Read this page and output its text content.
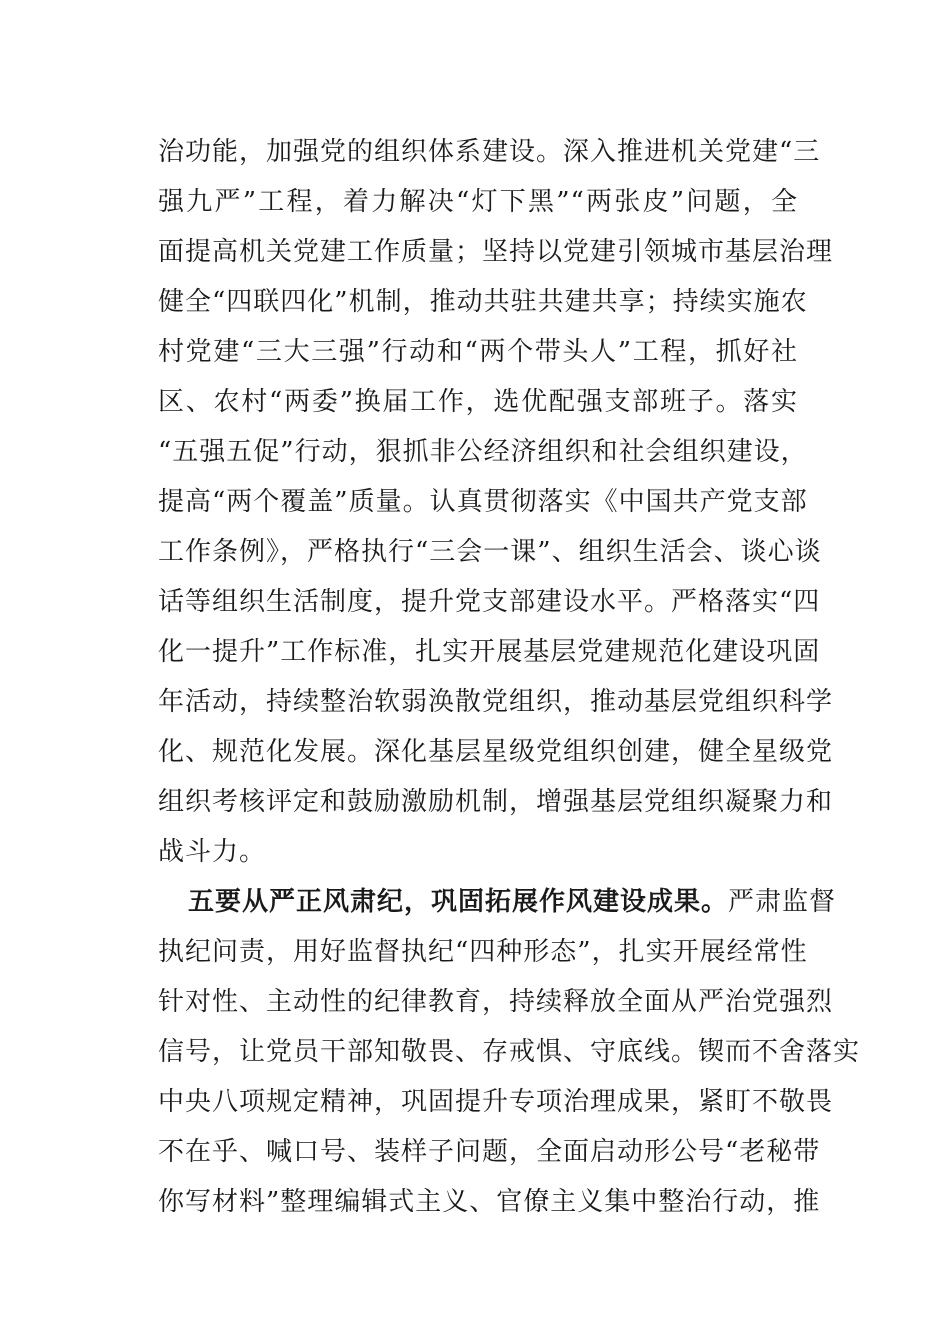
治功能，加强党的组织体系建设。深入推进机关党建“三
强九严”工程，着力解决“灯下黑”“两张皮”问题，全
面提高机关党建工作质量；坚持以党建引领城市基层治理
健全“四联四化”机制，推动共驻共建共享；持续实施农
村党建“三大三强”行动和“两个带头人”工程，抓好社
区、农村“两委”换届工作，选优配强支部班子。落实
“五强五促”行动，狠抓非公经济组织和社会组织建设，
提高“两个覆盖”质量。认真贯彻落实《中国共产党支部
工作条例》，严格执行“三会一课”、组织生活会、谈心谈
话等组织生活制度，提升党支部建设水平。严格落实“四
化一提升”工作标准，扎实开展基层党建规范化建设巩固
年活动，持续整治软弱涣散党组织，推动基层党组织科学
化、规范化发展。深化基层星级党组织创建，健全星级党
组织考核评定和鼓励激励机制，增强基层党组织凝聚力和
战斗力。
五要从严正风肃纪，巩固拓展作风建设成果。严肃监督
执纪问责，用好监督执纪“四种形态”，扎实开展经常性
针对性、主动性的纪律教育，持续释放全面从严治党强烈
信号，让党员干部知敬畏、存戒惧、守底线。锲而不舍落实
中央八项规定精神，巩固提升专项治理成果，紧盯不敬畏
不在乎、喊口号、装样子问题，全面启动形公号“老秘带
你写材料”整理编辑式主义、官僚主义集中整治行动，推
